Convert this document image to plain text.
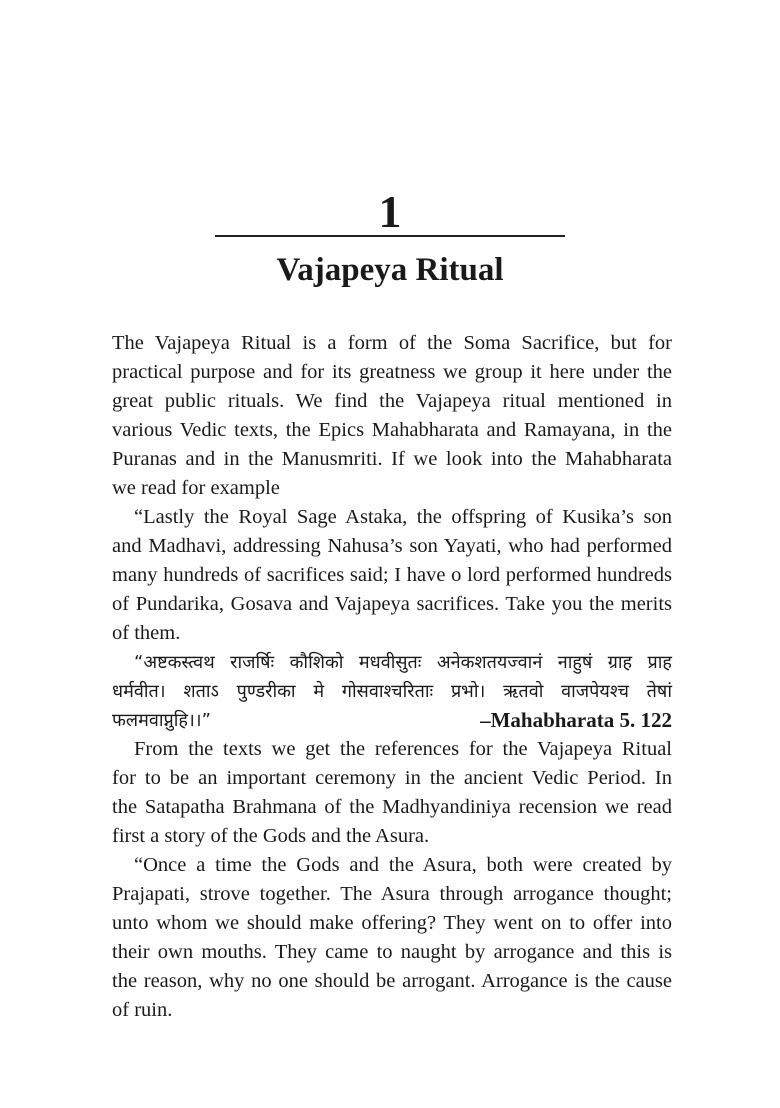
1
Vajapeya Ritual
The Vajapeya Ritual is a form of the Soma Sacrifice, but for
practical purpose and for its greatness we group it here under the
great public rituals. We find the Vajapeya ritual mentioned in
various Vedic texts, the Epics Mahabharata and Ramayana, in the
Puranas and in the Manusmriti. If we look into the Mahabharata
we read for example
“Lastly the Royal Sage Astaka, the offspring of Kusika’s son
and Madhavi, addressing Nahusa’s son Yayati, who had performed
many hundreds of sacrifices said; I have o lord performed hundreds
of Pundarika, Gosava and Vajapeya sacrifices. Take you the merits
of them.
“अष्टकस्त्वथ राजर्षिः कौशिको मधवीसुतः अनेकशतयज्वानं नाहुषं ग्राह प्राह
धर्मवीत। शताऽ पुण्डरीका मे गोसवाश्चरिताः प्रभो। ऋतवो वाजपेयश्च तेषां
फलमवाप्नुहि।।”	–Mahabharata 5. 122
From the texts we get the references for the Vajapeya Ritual
for to be an important ceremony in the ancient Vedic Period. In
the Satapatha Brahmana of the Madhyandiniya recension we read
first a story of the Gods and the Asura.
“Once a time the Gods and the Asura, both were created by
Prajapati, strove together. The Asura through arrogance thought;
unto whom we should make offering? They went on to offer into
their own mouths. They came to naught by arrogance and this is
the reason, why no one should be arrogant. Arrogance is the cause
of ruin.
